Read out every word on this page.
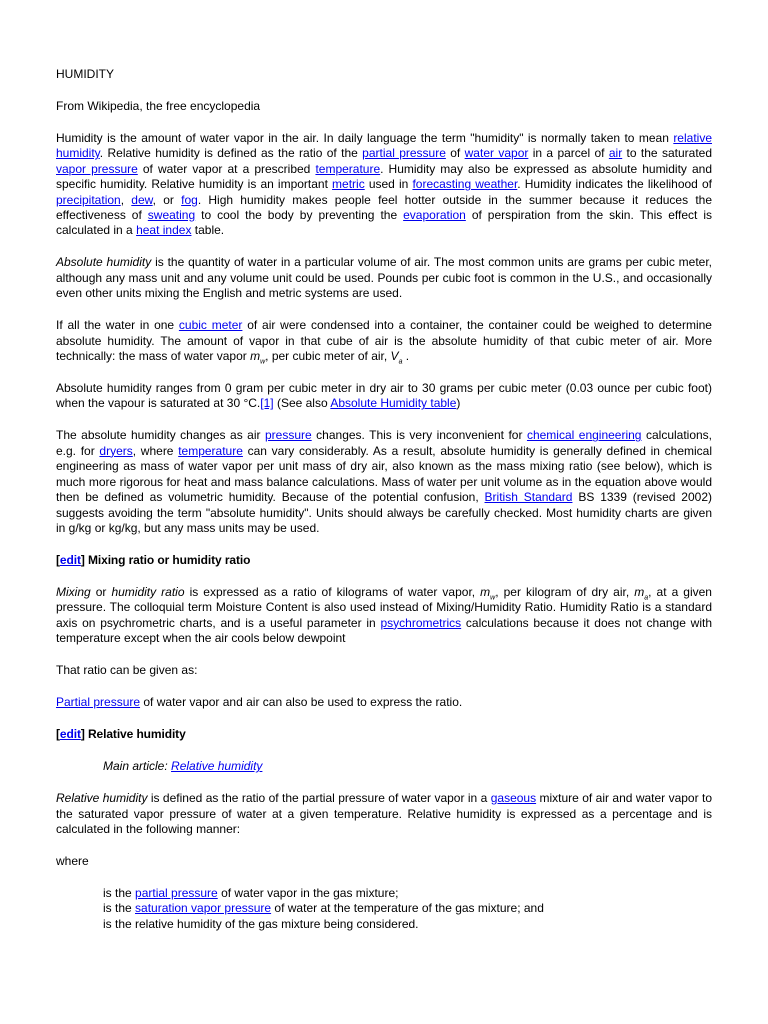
HUMIDITY

From Wikipedia, the free encyclopedia

Humidity is the amount of water vapor in the air. In daily language the term "humidity" is normally taken to mean relative humidity. Relative humidity is defined as the ratio of the partial pressure of water vapor in a parcel of air to the saturated vapor pressure of water vapor at a prescribed temperature. Humidity may also be expressed as absolute humidity and specific humidity. Relative humidity is an important metric used in forecasting weather. Humidity indicates the likelihood of precipitation, dew, or fog. High humidity makes people feel hotter outside in the summer because it reduces the effectiveness of sweating to cool the body by preventing the evaporation of perspiration from the skin. This effect is calculated in a heat index table.

Absolute humidity is the quantity of water in a particular volume of air. The most common units are grams per cubic meter, although any mass unit and any volume unit could be used. Pounds per cubic foot is common in the U.S., and occasionally even other units mixing the English and metric systems are used.

If all the water in one cubic meter of air were condensed into a container, the container could be weighed to determine absolute humidity. The amount of vapor in that cube of air is the absolute humidity of that cubic meter of air. More technically: the mass of water vapor $m_w$, per cubic meter of air, $V_a$ .

Absolute humidity ranges from 0 gram per cubic meter in dry air to 30 grams per cubic meter (0.03 ounce per cubic foot) when the vapour is saturated at 30 °C.[1] (See also Absolute Humidity table)

The absolute humidity changes as air pressure changes. This is very inconvenient for chemical engineering calculations, e.g. for dryers, where temperature can vary considerably. As a result, absolute humidity is generally defined in chemical engineering as mass of water vapor per unit mass of dry air, also known as the mass mixing ratio (see below), which is much more rigorous for heat and mass balance calculations. Mass of water per unit volume as in the equation above would then be defined as volumetric humidity. Because of the potential confusion, British Standard BS 1339 (revised 2002) suggests avoiding the term "absolute humidity". Units should always be carefully checked. Most humidity charts are given in g/kg or kg/kg, but any mass units may be used.

[edit] Mixing ratio or humidity ratio

Mixing or humidity ratio is expressed as a ratio of kilograms of water vapor, $m_w$, per kilogram of dry air, $m_a$, at a given pressure. The colloquial term Moisture Content is also used instead of Mixing/Humidity Ratio. Humidity Ratio is a standard axis on psychrometric charts, and is a useful parameter in psychrometrics calculations because it does not change with temperature except when the air cools below dewpoint

That ratio can be given as:

Partial pressure of water vapor and air can also be used to express the ratio.

[edit] Relative humidity

Main article: Relative humidity

Relative humidity is defined as the ratio of the partial pressure of water vapor in a gaseous mixture of air and water vapor to the saturated vapor pressure of water at a given temperature. Relative humidity is expressed as a percentage and is calculated in the following manner:

where

is the partial pressure of water vapor in the gas mixture;
is the saturation vapor pressure of water at the temperature of the gas mixture; and
is the relative humidity of the gas mixture being considered.
